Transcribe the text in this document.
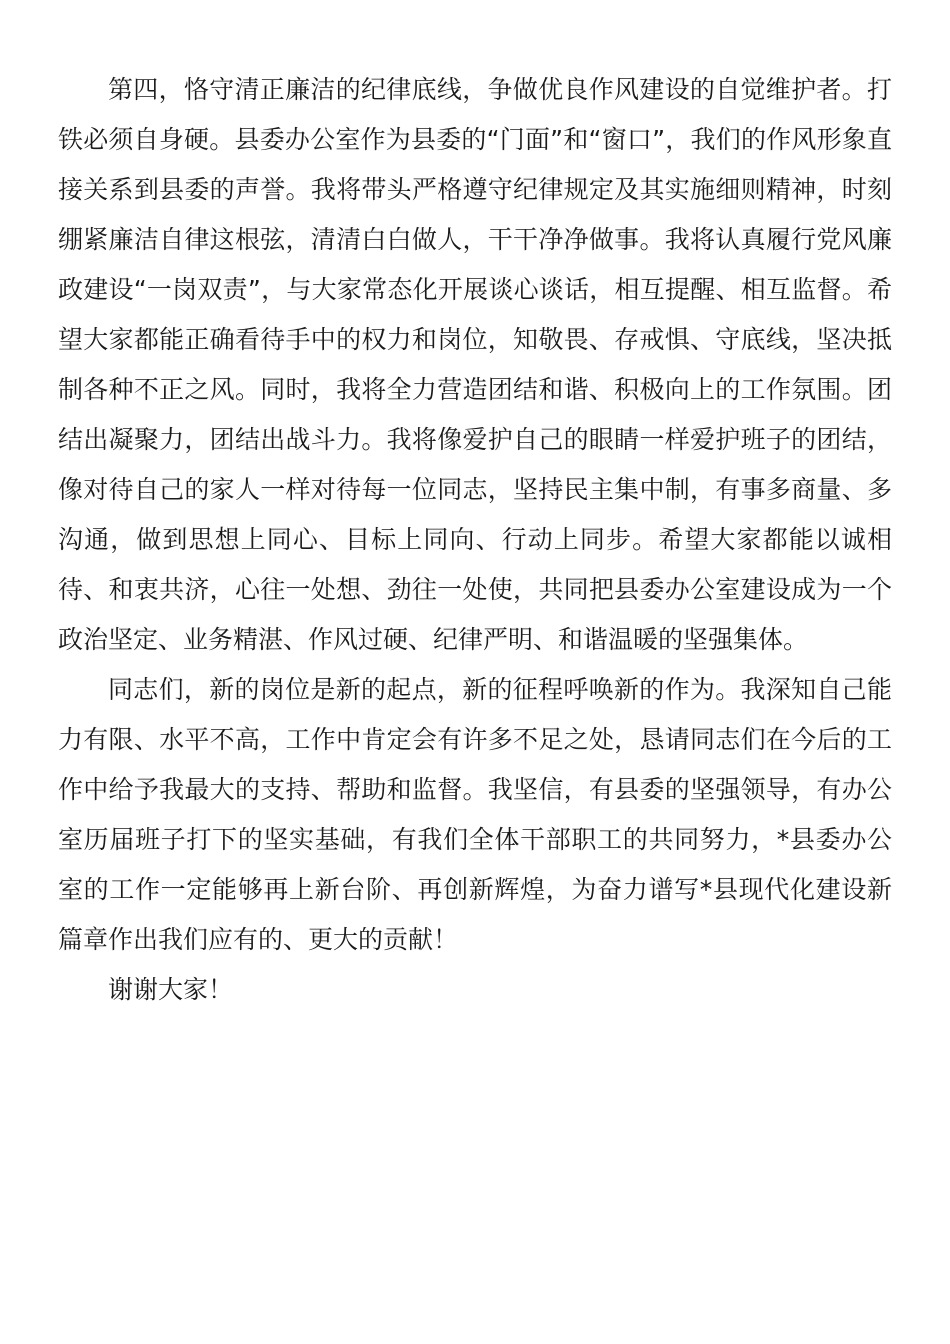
第四，恪守清正廉洁的纪律底线，争做优良作风建设的自觉维护者。打铁必须自身硬。县委办公室作为县委的“门面”和“窗口”，我们的作风形象直接关系到县委的声誉。我将带头严格遵守纪律规定及其实施细则精神，时刻绷紧廉洁自律这根弦，清清白白做人，干干净净做事。我将认真履行党风廉政建设“一岗双责”，与大家常态化开展谈心谈话，相互提醒、相互监督。希望大家都能正确看待手中的权力和岗位，知敬畏、存戒惧、守底线，坚决抵制各种不正之风。同时，我将全力营造团结和谐、积极向上的工作氛围。团结出凝聚力，团结出战斗力。我将像爱护自己的眼睛一样爱护班子的团结，像对待自己的家人一样对待每一位同志，坚持民主集中制，有事多商量、多沟通，做到思想上同心、目标上同向、行动上同步。希望大家都能以诚相待、和衷共济，心往一处想、劲往一处使，共同把县委办公室建设成为一个政治坚定、业务精湛、作风过硬、纪律严明、和谐温暖的坚强集体。

同志们，新的岗位是新的起点，新的征程呼唤新的作为。我深知自己能力有限、水平不高，工作中肯定会有许多不足之处，恳请同志们在今后的工作中给予我最大的支持、帮助和监督。我坚信，有县委的坚强领导，有办公室历届班子打下的坚实基础，有我们全体干部职工的共同努力，*县委办公室的工作一定能够再上新台阶、再创新辉煌，为奋力谱写*县现代化建设新篇章作出我们应有的、更大的贡献！

谢谢大家！
